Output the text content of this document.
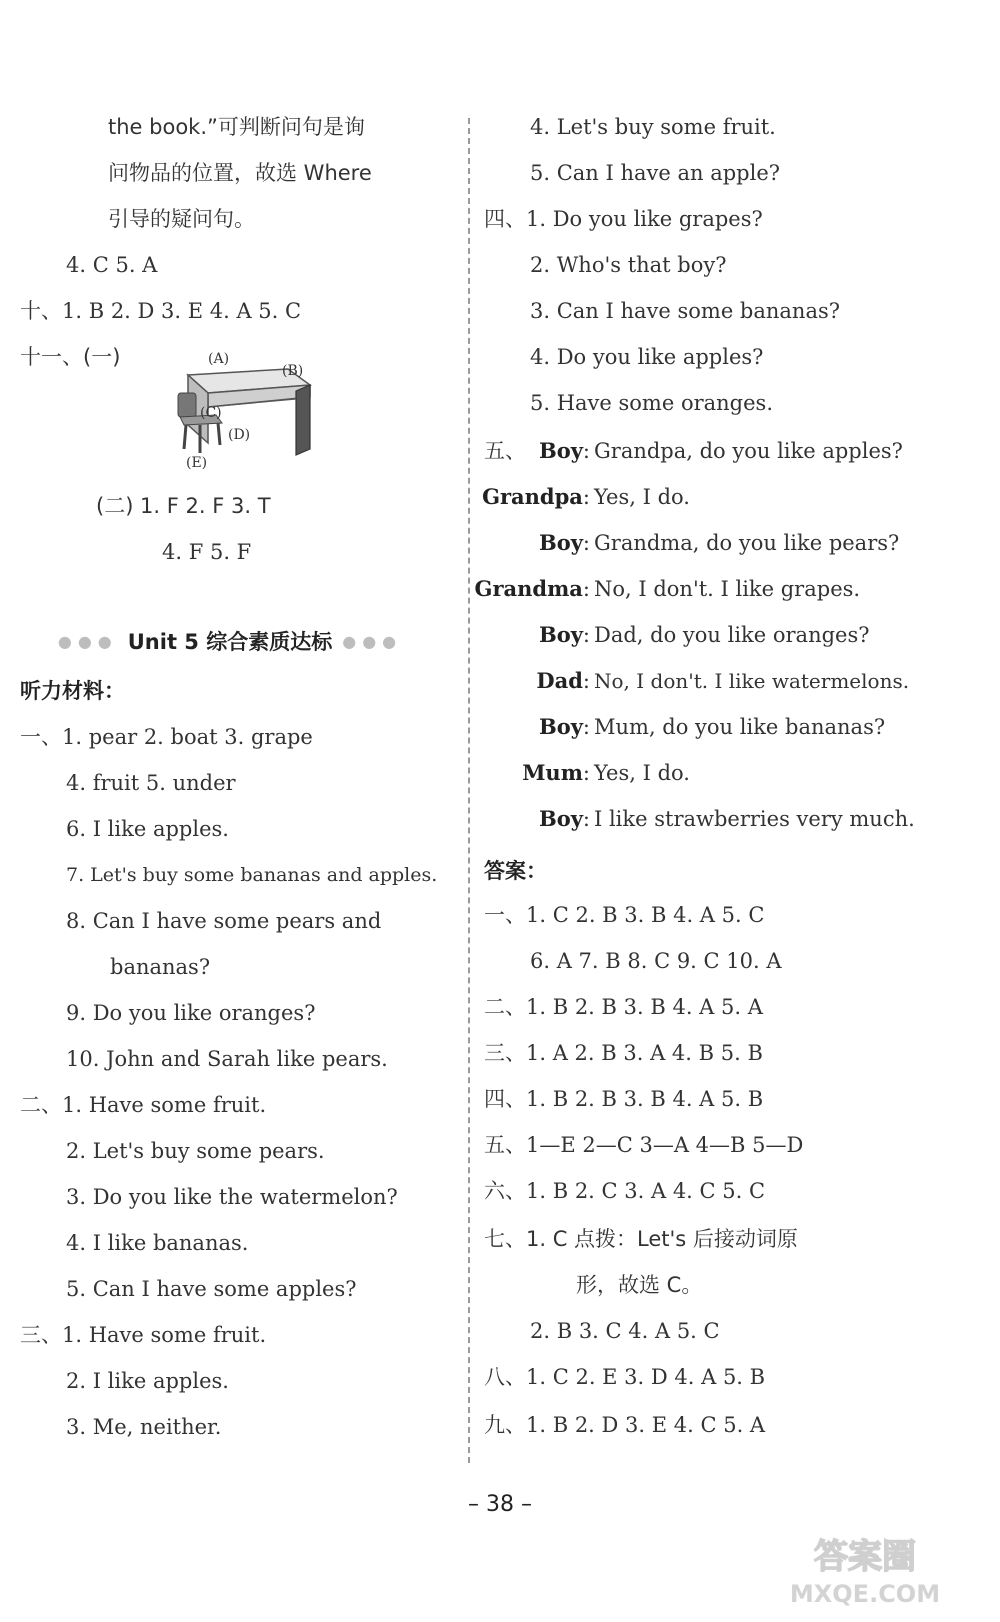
the book.”可判断问句是询
问物品的位置，故选 Where
引导的疑问句。
4. C 5. A
十、1. B 2. D 3. E 4. A 5. C
十一、(一)	(A)
(B)
(C)
(D)
(E)
(二) 1. F 2. F 3. T
4. F 5. F
●●● Unit 5 综合素质达标 ●●●
听力材料：
一、1. pear 2. boat 3. grape
4. fruit 5. under
6. I like apples.
7. Let's buy some bananas and apples.
8. Can I have some pears and
bananas?
9. Do you like oranges?
10. John and Sarah like pears.
二、1. Have some fruit.
2. Let's buy some pears.
3. Do you like the watermelon?
4. I like bananas.
5. Can I have some apples?
三、1. Have some fruit.
2. I like apples.
3. Me, neither.
4. Let's buy some fruit.
5. Can I have an apple?
四、1. Do you like grapes?
2. Who's that boy?
3. Can I have some bananas?
4. Do you like apples?
5. Have some oranges.
五、 Boy: Grandpa, do you like apples?
Grandpa: Yes, I do.
Boy: Grandma, do you like pears?
Grandma: No, I don't. I like grapes.
Boy: Dad, do you like oranges?
Dad: No, I don't. I like watermelons.
Boy: Mum, do you like bananas?
Mum: Yes, I do.
Boy: I like strawberries very much.
答案：
一、1. C 2. B 3. B 4. A 5. C
6. A 7. B 8. C 9. C 10. A
二、1. B 2. B 3. B 4. A 5. A
三、1. A 2. B 3. A 4. B 5. B
四、1. B 2. B 3. B 4. A 5. B
五、1—E 2—C 3—A 4—B 5—D
六、1. B 2. C 3. A 4. C 5. C
七、1. C 点拨：Let's 后接动词原
形，故选 C。
2. B 3. C 4. A 5. C
八、1. C 2. E 3. D 4. A 5. B
九、1. B 2. D 3. E 4. C 5. A
– 38 –
答案圈
MXQE.COM
